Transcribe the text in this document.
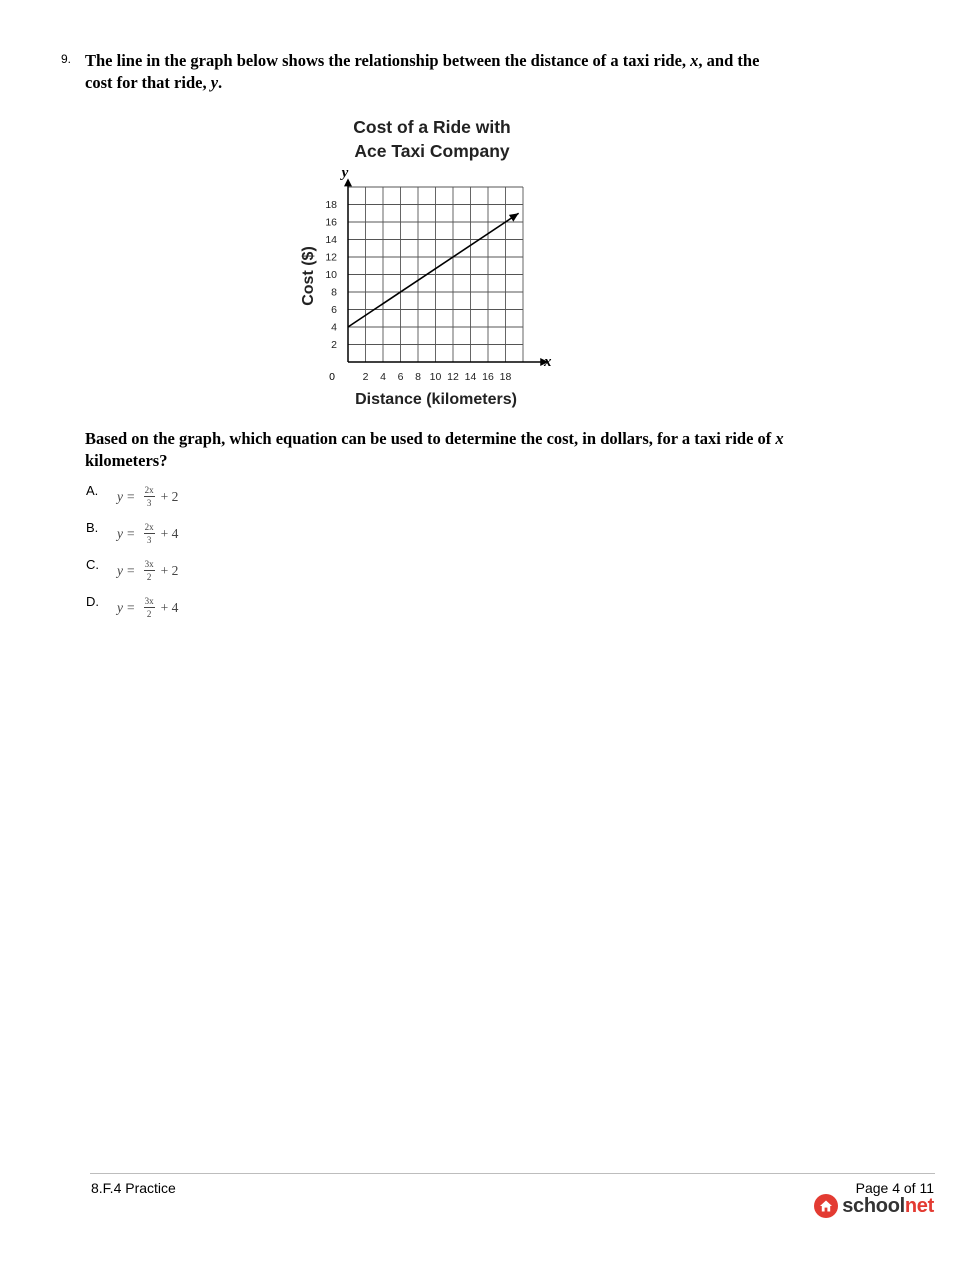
9. The line in the graph below shows the relationship between the distance of a taxi ride, x, and the cost for that ride, y.
2 4 6 8 10 12 14 16 18
2
4
6
8
10
12
14
16
18
Cost of a Ride with
Ace Taxi Company
y
x
0
Cost ($)
Distance (kilometers)
Based on the graph, which equation can be used to determine the cost, in dollars, for a taxi ride of x kilometers?
A. $y = \frac{2x}{3} + 2$
B. $y = \frac{2x}{3} + 4$
C. $y = \frac{3x}{2} + 2$
D. $y = \frac{3x}{2} + 4$
8.F.4 Practice	Page 4 of 11
schoolnet
